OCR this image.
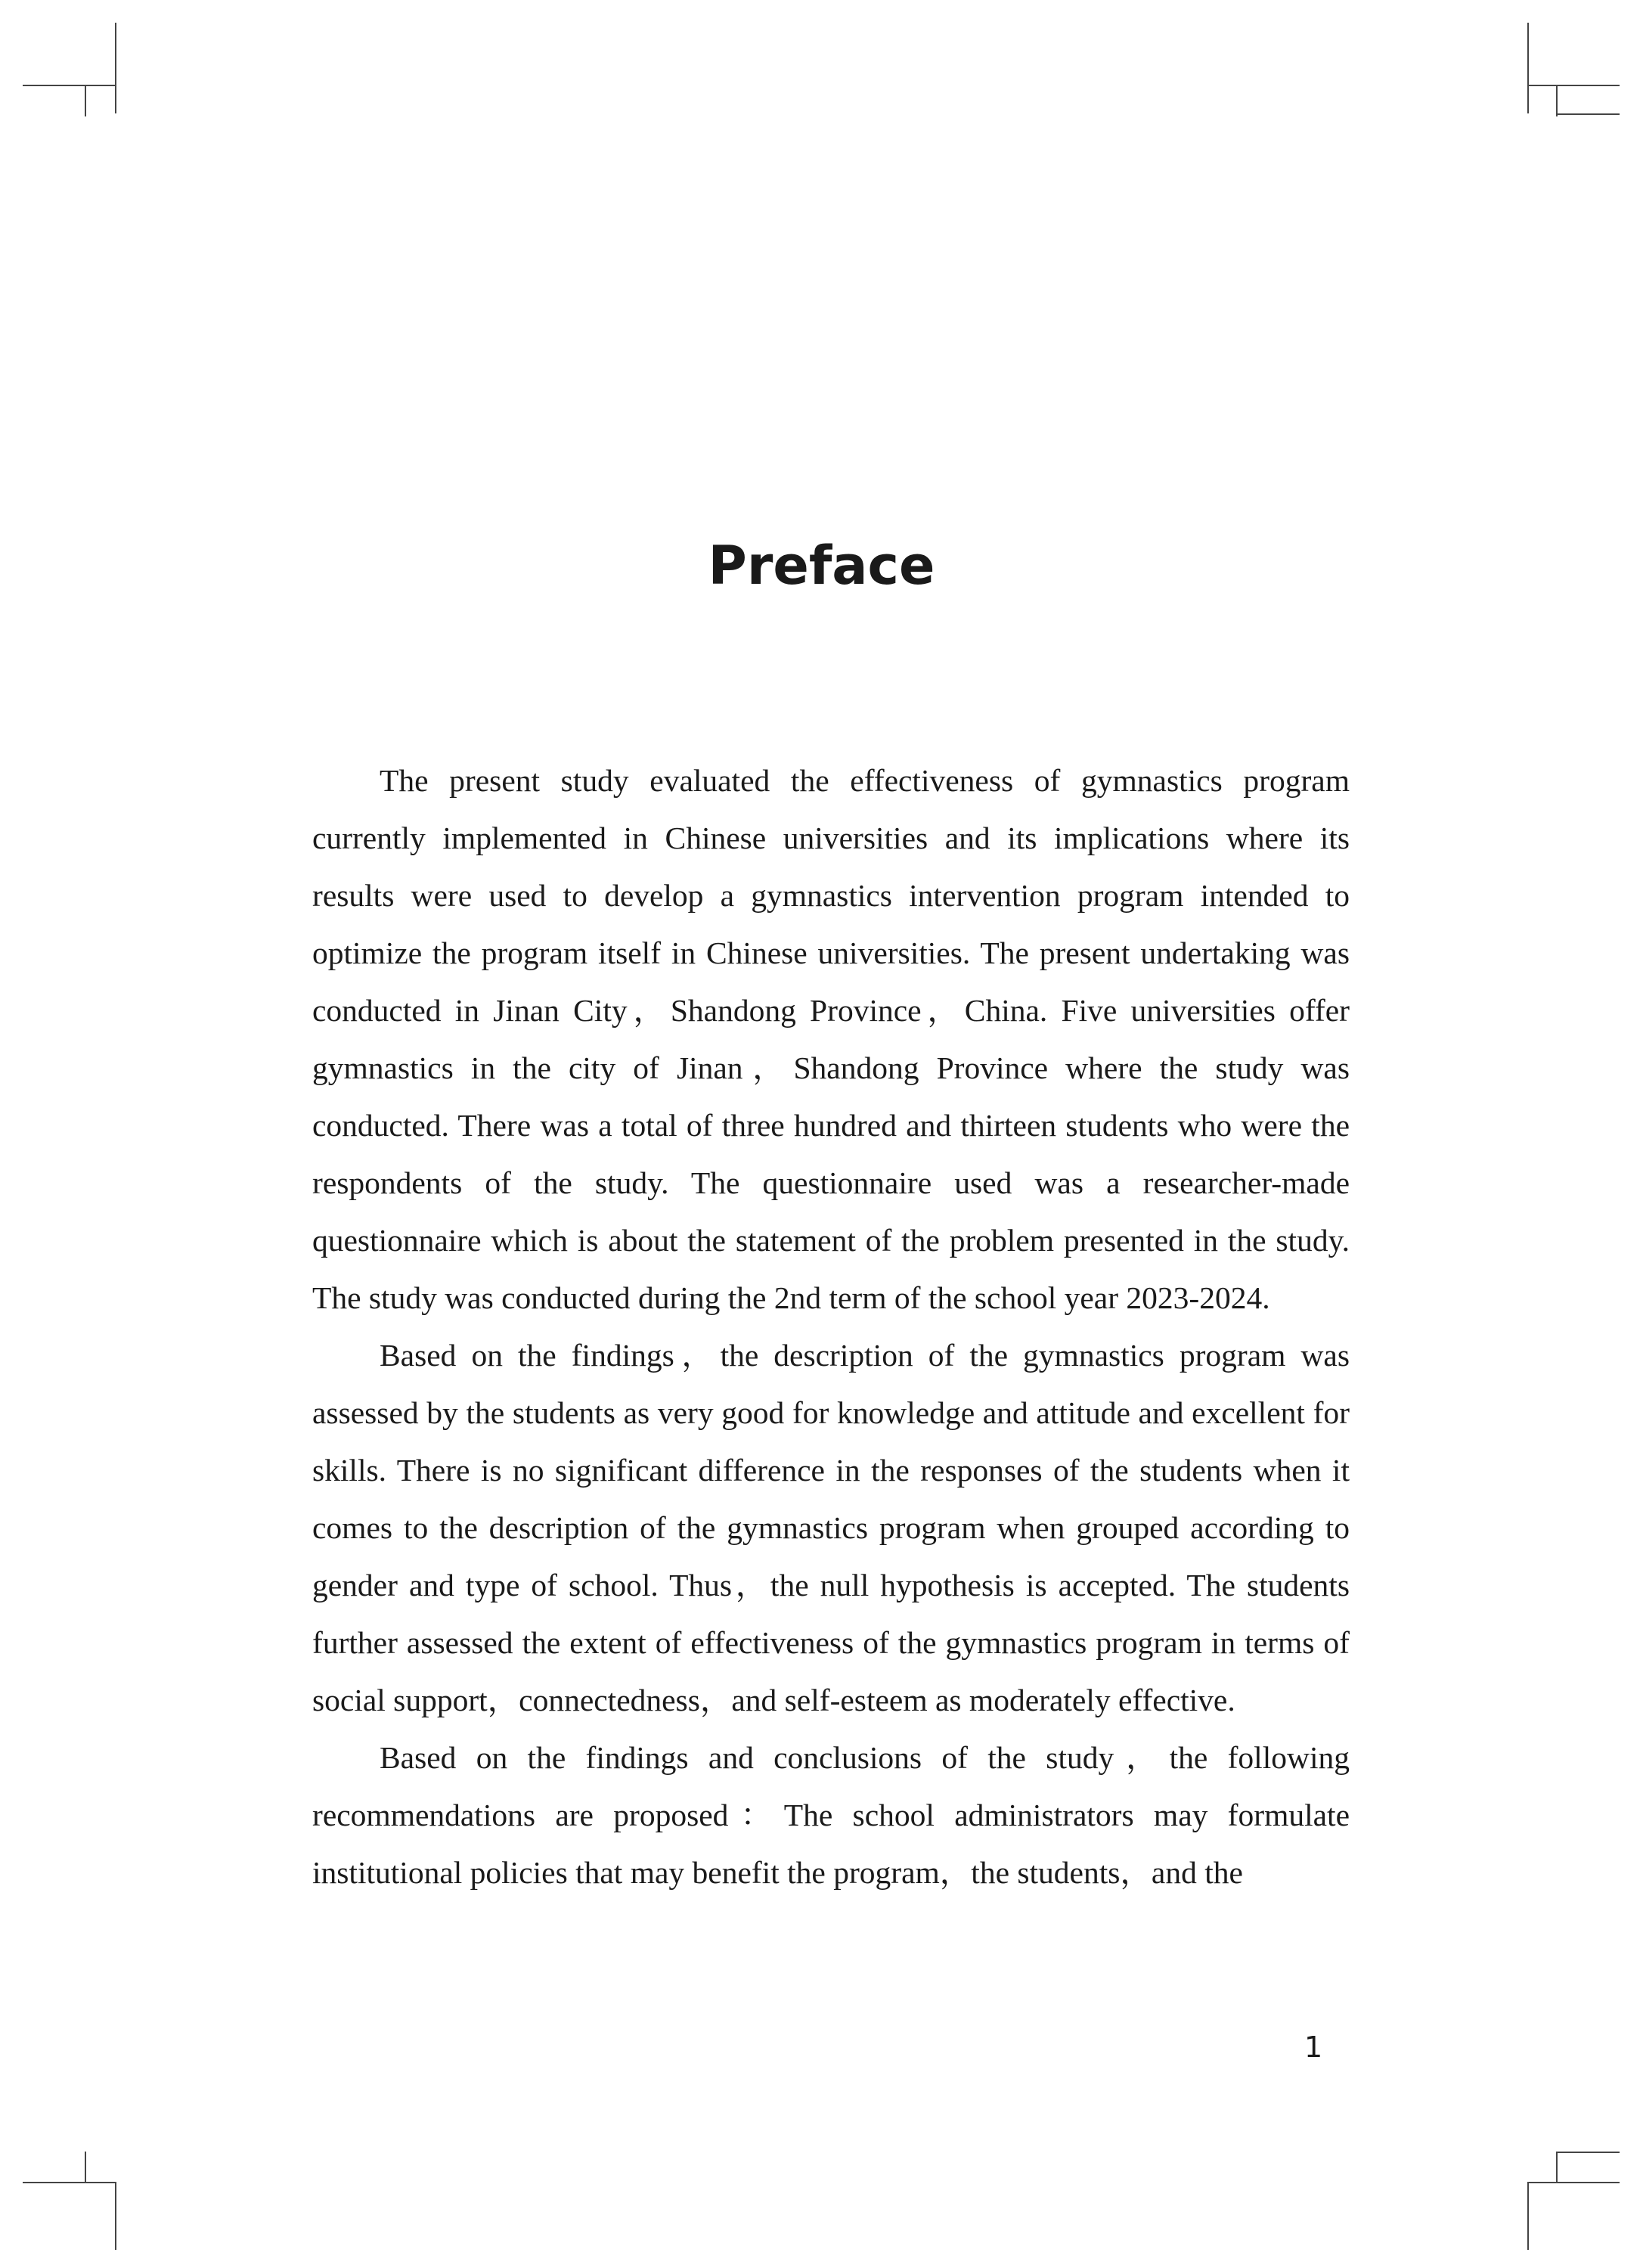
Preface

The present study evaluated the effectiveness of gymnastics program currently implemented in Chinese universities and its implications where its results were used to develop a gymnastics intervention program intended to optimize the program itself in Chinese universities. The present undertaking was conducted in Jinan City，Shandong Province，China. Five universities offer gymnastics in the city of Jinan，Shandong Province where the study was conducted. There was a total of three hundred and thirteen students who were the respondents of the study. The questionnaire used was a researcher-made questionnaire which is about the statement of the problem presented in the study. The study was conducted during the 2nd term of the school year 2023-2024.

Based on the findings，the description of the gymnastics program was assessed by the students as very good for knowledge and attitude and excellent for skills. There is no significant difference in the responses of the students when it comes to the description of the gymnastics program when grouped according to gender and type of school. Thus，the null hypothesis is accepted. The students further assessed the extent of effectiveness of the gymnastics program in terms of social support，connectedness，and self-esteem as moderately effective.

Based on the findings and conclusions of the study，the following recommendations are proposed：The school administrators may formulate institutional policies that may benefit the program，the students，and the

1
